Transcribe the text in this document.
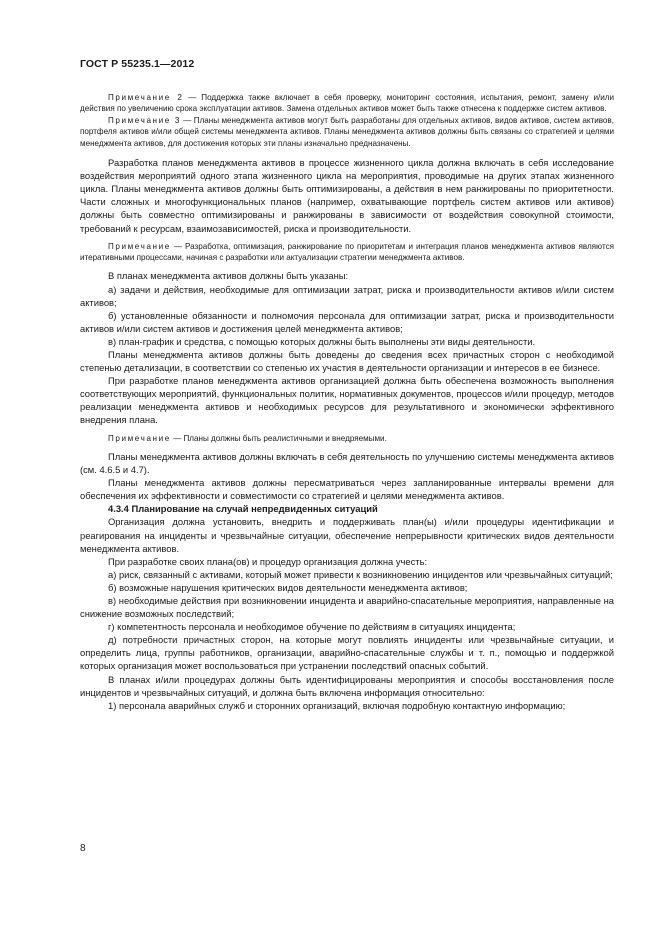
ГОСТ Р 55235.1—2012

Примечание 2 — Поддержка также включает в себя проверку, мониторинг состояния, испытания, ремонт, замену и/или действия по увеличению срока эксплуатации активов. Замена отдельных активов может быть также отнесена к поддержке систем активов.

Примечание 3 — Планы менеджмента активов могут быть разработаны для отдельных активов, видов активов, систем активов, портфеля активов и/или общей системы менеджмента активов. Планы менеджмента активов должны быть связаны со стратегией и целями менеджмента активов, для достижения которых эти планы изначально предназначены.

Разработка планов менеджмента активов в процессе жизненного цикла должна включать в себя исследование воздействия мероприятий одного этапа жизненного цикла на мероприятия, проводимые на других этапах жизненного цикла. Планы менеджмента активов должны быть оптимизированы, а действия в нем ранжированы по приоритетности. Части сложных и многофункциональных планов (например, охватывающие портфель систем активов или активов) должны быть совместно оптимизированы и ранжированы в зависимости от воздействия совокупной стоимости, требований к ресурсам, взаимозависимостей, риска и производительности.

Примечание — Разработка, оптимизация, ранжирование по приоритетам и интеграция планов менеджмента активов являются итеративными процессами, начиная с разработки или актуализации стратегии менеджмента активов.

В планах менеджмента активов должны быть указаны:

а) задачи и действия, необходимые для оптимизации затрат, риска и производительности активов и/или систем активов;

б) установленные обязанности и полномочия персонала для оптимизации затрат, риска и производительности активов и/или систем активов и достижения целей менеджмента активов;

в) план-график и средства, с помощью которых должны быть выполнены эти виды деятельности.

Планы менеджмента активов должны быть доведены до сведения всех причастных сторон с необходимой степенью детализации, в соответствии со степенью их участия в деятельности организации и интересов в ее бизнесе.

При разработке планов менеджмента активов организацией должна быть обеспечена возможность выполнения соответствующих мероприятий, функциональных политик, нормативных документов, процессов и/или процедур, методов реализации менеджмента активов и необходимых ресурсов для результативного и экономически эффективного внедрения плана.

Примечание — Планы должны быть реалистичными и внедряемыми.

Планы менеджмента активов должны включать в себя деятельность по улучшению системы менеджмента активов (см. 4.6.5 и 4.7).

Планы менеджмента активов должны пересматриваться через запланированные интервалы времени для обеспечения их эффективности и совместимости со стратегией и целями менеджмента активов.

4.3.4 Планирование на случай непредвиденных ситуаций

Организация должна установить, внедрить и поддерживать план(ы) и/или процедуры идентификации и реагирования на инциденты и чрезвычайные ситуации, обеспечение непрерывности критических видов деятельности менеджмента активов.

При разработке своих плана(ов) и процедур организация должна учесть:

а) риск, связанный с активами, который может привести к возникновению инцидентов или чрезвычайных ситуаций;

б) возможные нарушения критических видов деятельности менеджмента активов;

в) необходимые действия при возникновении инцидента и аварийно-спасательные мероприятия, направленные на снижение возможных последствий;

г) компетентность персонала и необходимое обучение по действиям в ситуациях инцидента;

д) потребности причастных сторон, на которые могут повлиять инциденты или чрезвычайные ситуации, и определить лица, группы работников, организации, аварийно-спасательные службы и т. п., помощью и поддержкой которых организация может воспользоваться при устранении последствий опасных событий.

В планах и/или процедурах должны быть идентифицированы мероприятия и способы восстановления после инцидентов и чрезвычайных ситуаций, и должна быть включена информация относительно:

1) персонала аварийных служб и сторонних организаций, включая подробную контактную информацию;

8
